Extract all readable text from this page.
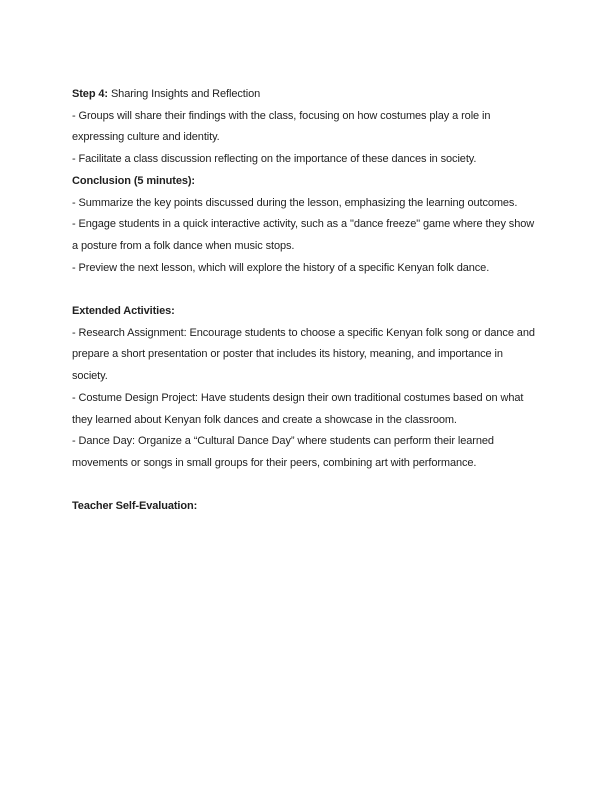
Step 4: Sharing Insights and Reflection
- Groups will share their findings with the class, focusing on how costumes play a role in
expressing culture and identity.
- Facilitate a class discussion reflecting on the importance of these dances in society.
Conclusion (5 minutes):
- Summarize the key points discussed during the lesson, emphasizing the learning outcomes.
- Engage students in a quick interactive activity, such as a "dance freeze" game where they show
a posture from a folk dance when music stops.
- Preview the next lesson, which will explore the history of a specific Kenyan folk dance.
Extended Activities:
- Research Assignment: Encourage students to choose a specific Kenyan folk song or dance and
prepare a short presentation or poster that includes its history, meaning, and importance in
society.
- Costume Design Project: Have students design their own traditional costumes based on what
they learned about Kenyan folk dances and create a showcase in the classroom.
- Dance Day: Organize a “Cultural Dance Day” where students can perform their learned
movements or songs in small groups for their peers, combining art with performance.
Teacher Self-Evaluation:
